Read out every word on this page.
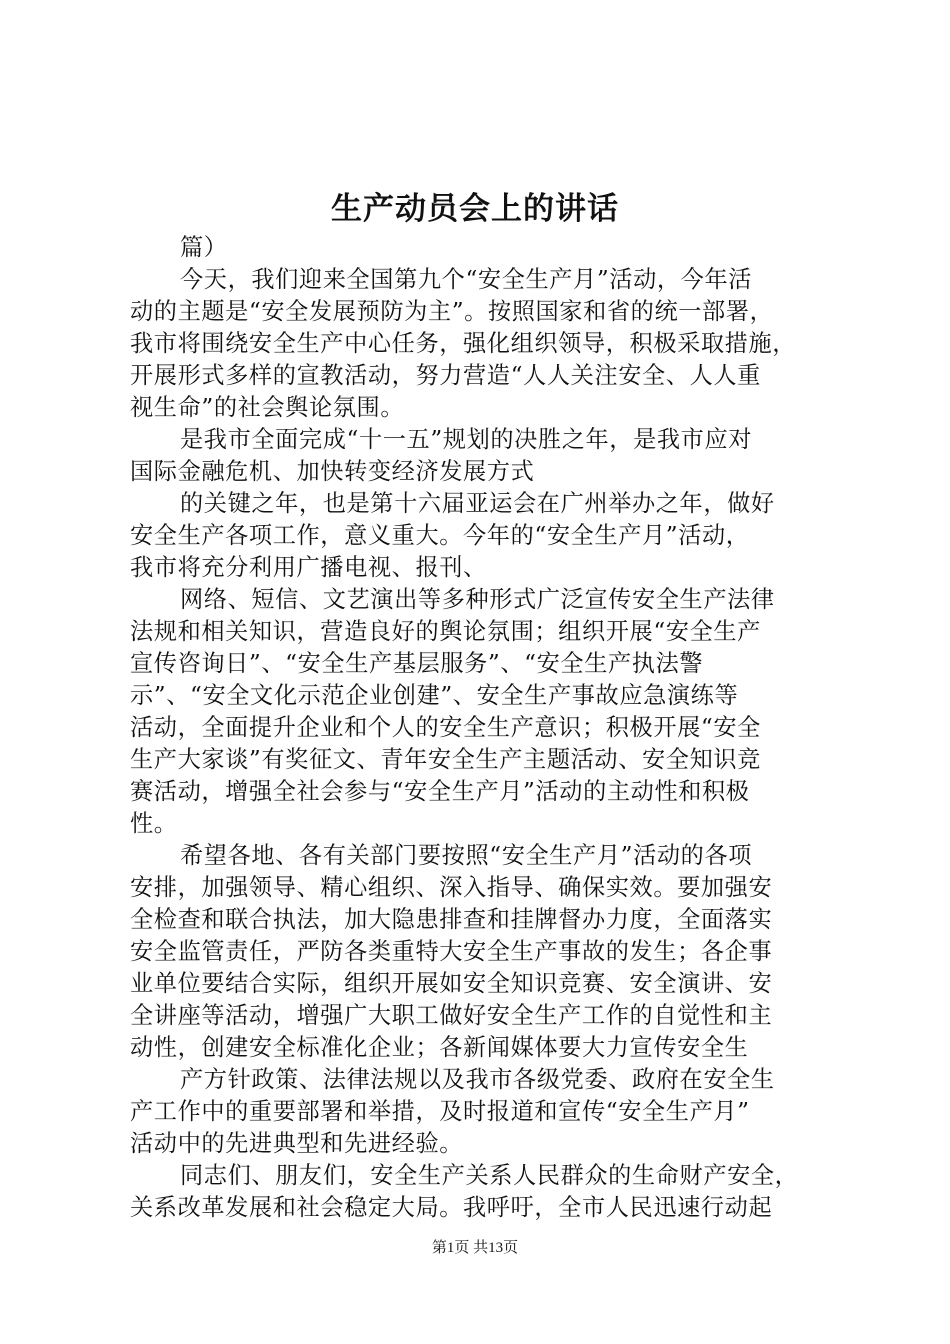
生产动员会上的讲话
篇）
今天，我们迎来全国第九个“安全生产月”活动，今年活
动的主题是“安全发展预防为主”。按照国家和省的统一部署，
我市将围绕安全生产中心任务，强化组织领导，积极采取措施，
开展形式多样的宣教活动，努力营造“人人关注安全、人人重
视生命”的社会舆论氛围。
是我市全面完成“十一五”规划的决胜之年，是我市应对
国际金融危机、加快转变经济发展方式
的关键之年，也是第十六届亚运会在广州举办之年，做好
安全生产各项工作，意义重大。今年的“安全生产月”活动，
我市将充分利用广播电视、报刊、
网络、短信、文艺演出等多种形式广泛宣传安全生产法律
法规和相关知识，营造良好的舆论氛围；组织开展“安全生产
宣传咨询日”、“安全生产基层服务”、“安全生产执法警
示”、“安全文化示范企业创建”、安全生产事故应急演练等
活动，全面提升企业和个人的安全生产意识；积极开展“安全
生产大家谈”有奖征文、青年安全生产主题活动、安全知识竞
赛活动，增强全社会参与“安全生产月”活动的主动性和积极
性。
希望各地、各有关部门要按照“安全生产月”活动的各项
安排，加强领导、精心组织、深入指导、确保实效。要加强安
全检查和联合执法，加大隐患排查和挂牌督办力度，全面落实
安全监管责任，严防各类重特大安全生产事故的发生；各企事
业单位要结合实际，组织开展如安全知识竞赛、安全演讲、安
全讲座等活动，增强广大职工做好安全生产工作的自觉性和主
动性，创建安全标准化企业；各新闻媒体要大力宣传安全生
产方针政策、法律法规以及我市各级党委、政府在安全生
产工作中的重要部署和举措，及时报道和宣传“安全生产月”
活动中的先进典型和先进经验。
同志们、朋友们，安全生产关系人民群众的生命财产安全，
关系改革发展和社会稳定大局。我呼吁，全市人民迅速行动起
第1页 共13页
